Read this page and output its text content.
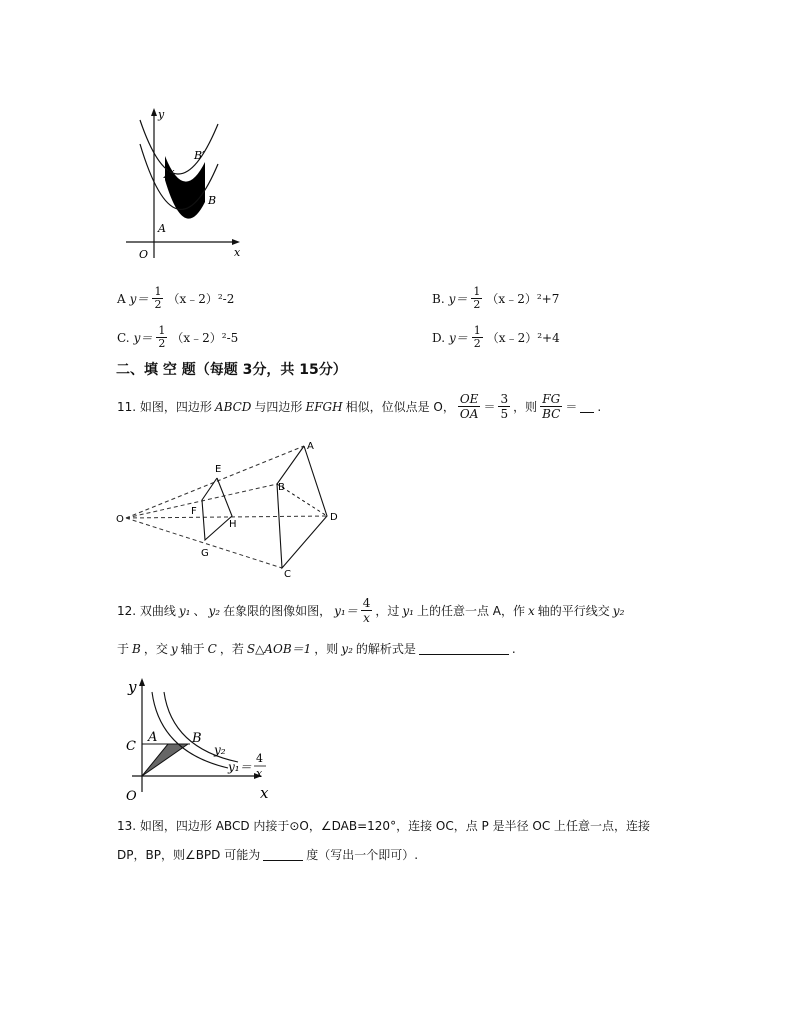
y
x
O
A
A′
B
B′
A $y= \frac{1}{2}$ （x﹣2）²-2	B. $y= \frac{1}{2}$ （x﹣2）²+7
C. $y= \frac{1}{2}$ （x﹣2）²-5	D. $y= \frac{1}{2}$ （x﹣2）²+4
二、填 空 题（每题 3分，共 15分）
11. 如图，四边形 ABCD 与四边形 EFGH 相似，位似点是 O， $\frac{OE}{OA} = \frac{3}{5}$ ，则 $\frac{FG}{BC}$ ＝ .
O
A
B
C
D
E
F
G
H
12. 双曲线 y₁ 、 y₂ 在象限的图像如图， $y_1= \frac{4}{x}$ ，过 y₁ 上的任意一点 A，作 x 轴的平行线交 y₂
于 B ，交 y 轴于 C ，若 S△AOB＝1 ，则 y₂ 的解析式是	.
y
x
O
C
A	B
y₂
y₁＝
4
x
13. 如图，四边形 ABCD 内接于⊙O，∠DAB=120°，连接 OC，点 P 是半径 OC 上任意一点，连接
DP，BP，则∠BPD 可能为	度（写出一个即可）.
